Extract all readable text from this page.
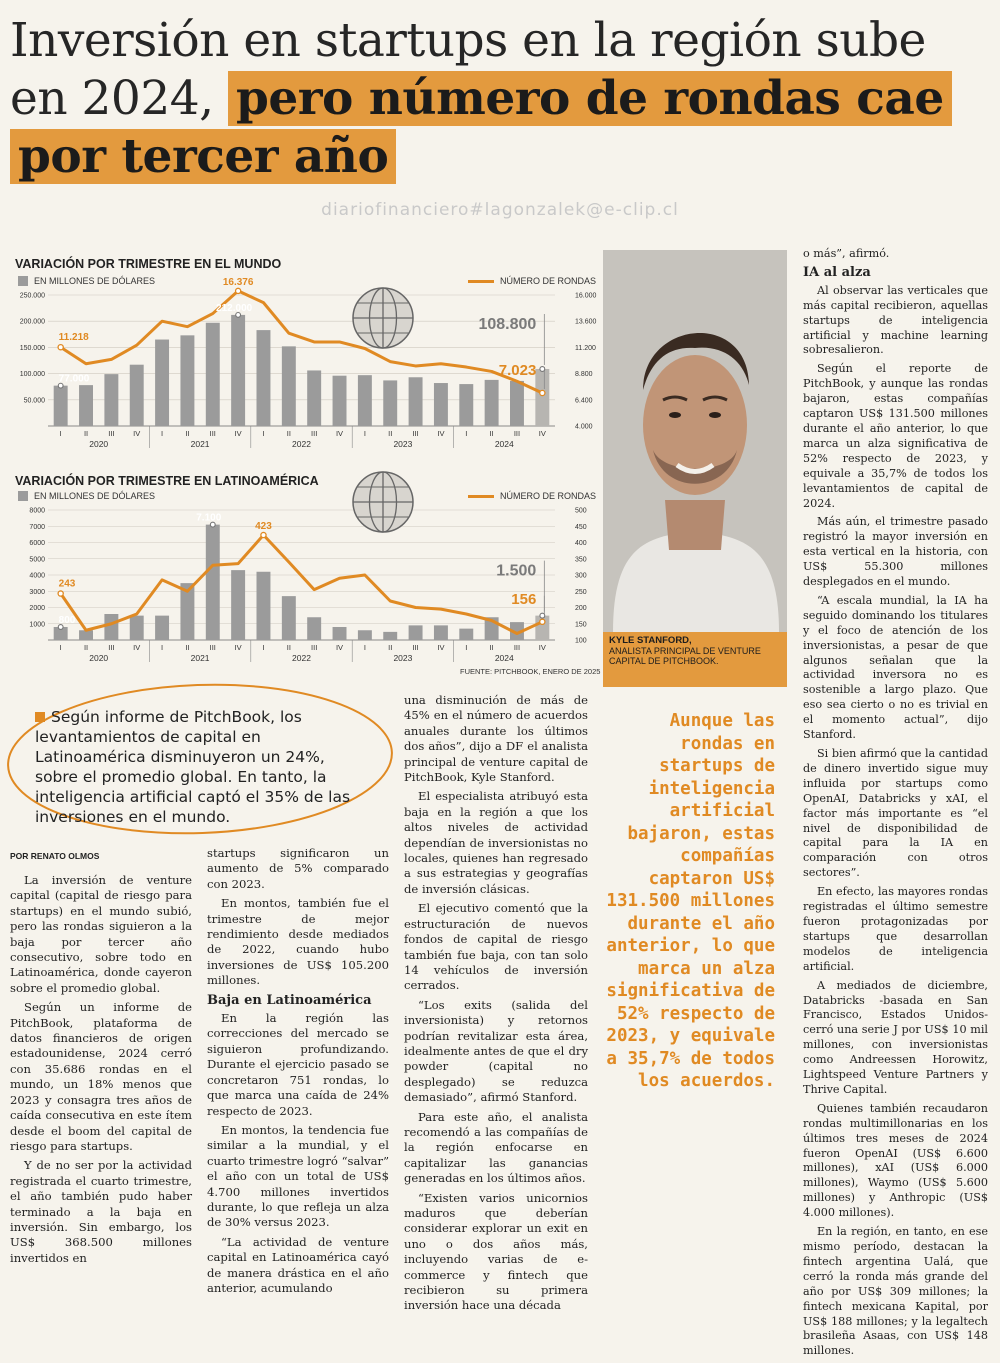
Inversión en startups en la región sube en 2024, pero número de rondas cae por tercer año
diariofinanciero#lagonzalek@e-clip.cl
VARIACIÓN POR TRIMESTRE EN EL MUNDO
EN MILLONES DE DÓLARES	NÚMERO DE RONDAS
50.000
100.000
150.000
200.000
250.000
4.000
6.400
8.800
11.200
13.600
16.000
I	II	III IV	I	II	III IV	I	II	III IV	I	II	III IV	I	II	III IV
2020	2021	2022	2023	2024
11.218
77.000
16.376
212.000
7.023
108.800
VARIACIÓN POR TRIMESTRE EN LATINOAMÉRICA
EN MILLONES DE DÓLARES	NÚMERO DE RONDAS
1000
2000
3000
4000
5000
6000
7000
8000
100
150
200
250
300
350
400
450
500
I	II	III IV	I	II	III IV	I	II	III IV	I	II	III IV	I	II	III IV
2020	2021	2022	2023	2024
243
800
423
7.100
156
1.500
FUENTE: PITCHBOOK, ENERO DE 2025
KYLE STANFORD,
ANALISTA PRINCIPAL DE VENTURE CAPITAL DE PITCHBOOK.
Según informe de PitchBook, los levantamientos de capital en Latinoamérica disminuyeron un 24%, sobre el promedio global. En tanto, la inteligencia artificial captó el 35% de las inversiones en el mundo.
POR RENATO OLMOS

La inversión de venture capital (capital de riesgo para startups) en el mundo subió, pero las rondas siguieron a la baja por tercer año consecutivo, sobre todo en Latinoamérica, donde cayeron sobre el promedio global.

Según un informe de PitchBook, plataforma de datos financieros de origen estadounidense, 2024 cerró con 35.686 rondas en el mundo, un 18% menos que 2023 y consagra tres años de caída consecutiva en este ítem desde el boom del capital de riesgo para startups.

Y de no ser por la actividad registrada el cuarto trimestre, el año también pudo haber terminado a la baja en inversión. Sin embargo, los US$ 368.500 millones invertidos en

startups significaron un aumento de 5% comparado con 2023.

En montos, también fue el trimestre de mejor rendimiento desde mediados de 2022, cuando hubo inversiones de US$ 105.200 millones.

Baja en Latinoamérica

En la región las correcciones del mercado se siguieron profundizando. Durante el ejercicio pasado se concretaron 751 rondas, lo que marca una caída de 24% respecto de 2023.

En montos, la tendencia fue similar a la mundial, y el cuarto trimestre logró “salvar” el año con un total de US$ 4.700 millones invertidos durante, lo que refleja un alza de 30% versus 2023.

“La actividad de venture capital en Latinoamérica cayó de manera drástica en el año anterior, acumulando

una disminución de más de 45% en el número de acuerdos anuales durante los últimos dos años”, dijo a DF el analista principal de venture capital de PitchBook, Kyle Stanford.

El especialista atribuyó esta baja en la región a que los altos niveles de actividad dependían de inversionistas no locales, quienes han regresado a sus estrategias y geografías de inversión clásicas.

El ejecutivo comentó que la estructuración de nuevos fondos de capital de riesgo también fue baja, con tan solo 14 vehículos de inversión cerrados.

“Los exits (salida del inversionista) y retornos podrían revitalizar esta área, idealmente antes de que el dry powder (capital no desplegado) se reduzca demasiado”, afirmó Stanford.

Para este año, el analista recomendó a las compañías de la región enfocarse en capitalizar las ganancias generadas en los últimos años.

“Existen varios unicornios maduros que deberían considerar explorar un exit en uno o dos años más, incluyendo varias de e-commerce y fintech que recibieron su primera inversión hace una década

Aunque las rondas en startups de inteligencia artificial bajaron, estas compañías captaron US$ 131.500 millones durante el año anterior, lo que marca un alza significativa de 52% respecto de 2023, y equivale a 35,7% de todos los acuerdos.

o más”, afirmó.

IA al alza

Al observar las verticales que más capital recibieron, aquellas startups de inteligencia artificial y machine learning sobresalieron.

Según el reporte de PitchBook, y aunque las rondas bajaron, estas compañías captaron US$ 131.500 millones durante el año anterior, lo que marca un alza significativa de 52% respecto de 2023, y equivale a 35,7% de todos los levantamientos de capital de 2024.

Más aún, el trimestre pasado registró la mayor inversión en esta vertical en la historia, con US$ 55.300 millones desplegados en el mundo.

“A escala mundial, la IA ha seguido dominando los titulares y el foco de atención de los inversionistas, a pesar de que algunos señalan que la actividad inversora no es sostenible a largo plazo. Que eso sea cierto o no es trivial en el momento actual”, dijo Stanford.

Si bien afirmó que la cantidad de dinero invertido sigue muy influida por startups como OpenAI, Databricks y xAI, el factor más importante es “el nivel de disponibilidad de capital para la IA en comparación con otros sectores”.

En efecto, las mayores rondas registradas el último semestre fueron protagonizadas por startups que desarrollan modelos de inteligencia artificial.

A mediados de diciembre, Databricks -basada en San Francisco, Estados Unidos- cerró una serie J por US$ 10 mil millones, con inversionistas como Andreessen Horowitz, Lightspeed Venture Partners y Thrive Capital.

Quienes también recaudaron rondas multimillonarias en los últimos tres meses de 2024 fueron OpenAI (US$ 6.600 millones), xAI (US$ 6.000 millones), Waymo (US$ 5.600 millones) y Anthropic (US$ 4.000 millones).

En la región, en tanto, en ese mismo período, destacan la fintech argentina Ualá, que cerró la ronda más grande del año por US$ 309 millones; la fintech mexicana Kapital, por US$ 188 millones; y la legaltech brasileña Asaas, con US$ 148 millones.
